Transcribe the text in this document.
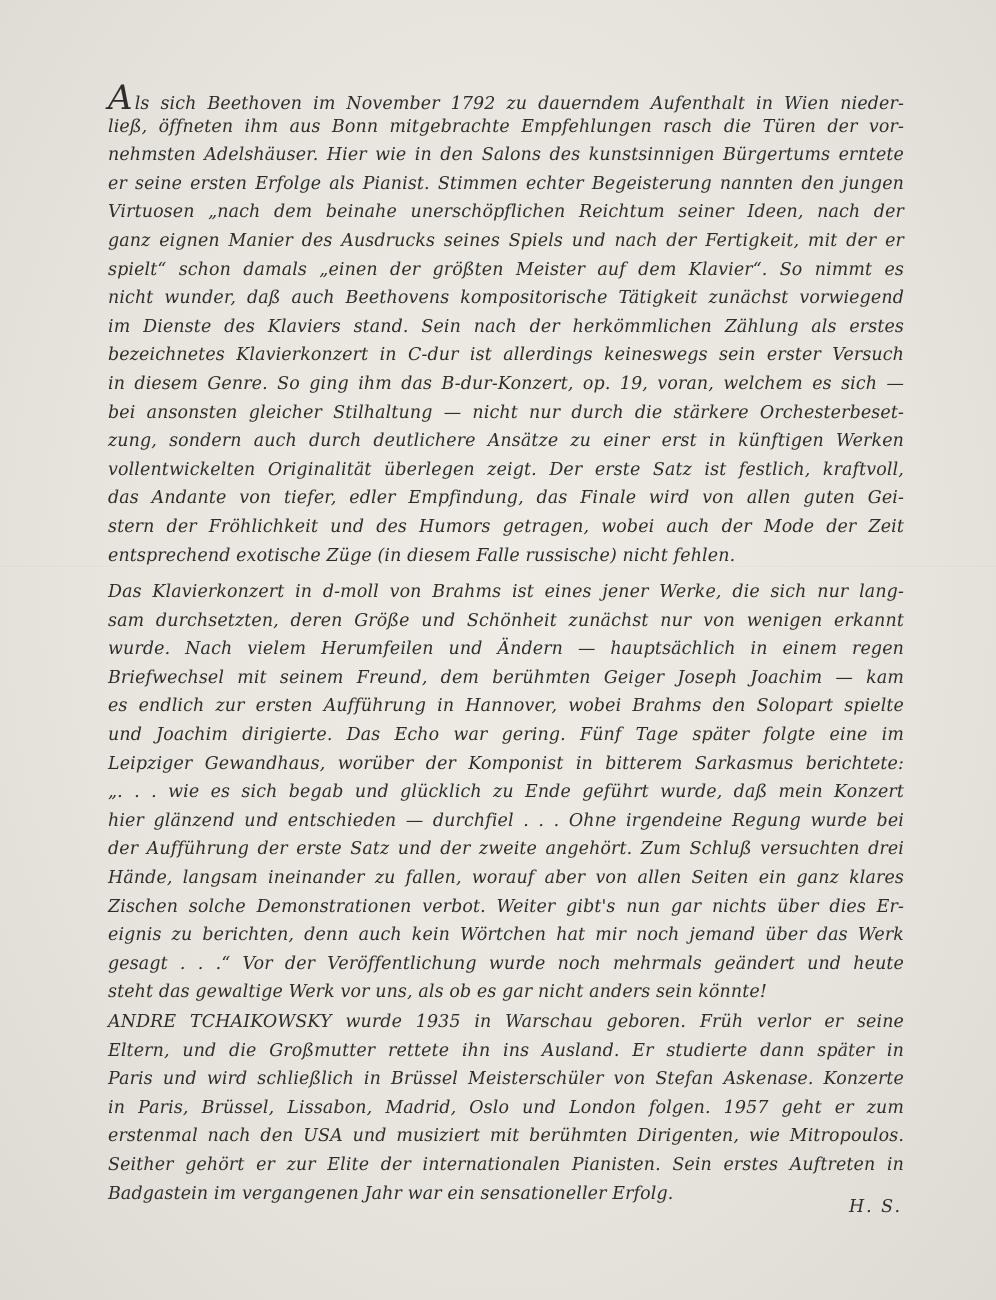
Als sich Beethoven im November 1792 zu dauerndem Aufenthalt in Wien nieder-
ließ, öffneten ihm aus Bonn mitgebrachte Empfehlungen rasch die Türen der vor-
nehmsten Adelshäuser. Hier wie in den Salons des kunstsinnigen Bürgertums erntete
er seine ersten Erfolge als Pianist. Stimmen echter Begeisterung nannten den jungen
Virtuosen „nach dem beinahe unerschöpflichen Reichtum seiner Ideen, nach der
ganz eignen Manier des Ausdrucks seines Spiels und nach der Fertigkeit, mit der er
spielt“ schon damals „einen der größten Meister auf dem Klavier“. So nimmt es
nicht wunder, daß auch Beethovens kompositorische Tätigkeit zunächst vorwiegend
im Dienste des Klaviers stand. Sein nach der herkömmlichen Zählung als erstes
bezeichnetes Klavierkonzert in C-dur ist allerdings keineswegs sein erster Versuch
in diesem Genre. So ging ihm das B-dur-Konzert, op. 19, voran, welchem es sich —
bei ansonsten gleicher Stilhaltung — nicht nur durch die stärkere Orchesterbeset-
zung, sondern auch durch deutlichere Ansätze zu einer erst in künftigen Werken
vollentwickelten Originalität überlegen zeigt. Der erste Satz ist festlich, kraftvoll,
das Andante von tiefer, edler Empfindung, das Finale wird von allen guten Gei-
stern der Fröhlichkeit und des Humors getragen, wobei auch der Mode der Zeit
entsprechend exotische Züge (in diesem Falle russische) nicht fehlen.
Das Klavierkonzert in d-moll von Brahms ist eines jener Werke, die sich nur lang-
sam durchsetzten, deren Größe und Schönheit zunächst nur von wenigen erkannt
wurde. Nach vielem Herumfeilen und Ändern — hauptsächlich in einem regen
Briefwechsel mit seinem Freund, dem berühmten Geiger Joseph Joachim — kam
es endlich zur ersten Aufführung in Hannover, wobei Brahms den Solopart spielte
und Joachim dirigierte. Das Echo war gering. Fünf Tage später folgte eine im
Leipziger Gewandhaus, worüber der Komponist in bitterem Sarkasmus berichtete:
„. . . wie es sich begab und glücklich zu Ende geführt wurde, daß mein Konzert
hier glänzend und entschieden — durchfiel . . . Ohne irgendeine Regung wurde bei
der Aufführung der erste Satz und der zweite angehört. Zum Schluß versuchten drei
Hände, langsam ineinander zu fallen, worauf aber von allen Seiten ein ganz klares
Zischen solche Demonstrationen verbot. Weiter gibt's nun gar nichts über dies Er-
eignis zu berichten, denn auch kein Wörtchen hat mir noch jemand über das Werk
gesagt . . .“ Vor der Veröffentlichung wurde noch mehrmals geändert und heute
steht das gewaltige Werk vor uns, als ob es gar nicht anders sein könnte!
ANDRE TCHAIKOWSKY wurde 1935 in Warschau geboren. Früh verlor er seine
Eltern, und die Großmutter rettete ihn ins Ausland. Er studierte dann später in
Paris und wird schließlich in Brüssel Meisterschüler von Stefan Askenase. Konzerte
in Paris, Brüssel, Lissabon, Madrid, Oslo und London folgen. 1957 geht er zum
erstenmal nach den USA und musiziert mit berühmten Dirigenten, wie Mitropoulos.
Seither gehört er zur Elite der internationalen Pianisten. Sein erstes Auftreten in
Badgastein im vergangenen Jahr war ein sensationeller Erfolg.
H. S.
